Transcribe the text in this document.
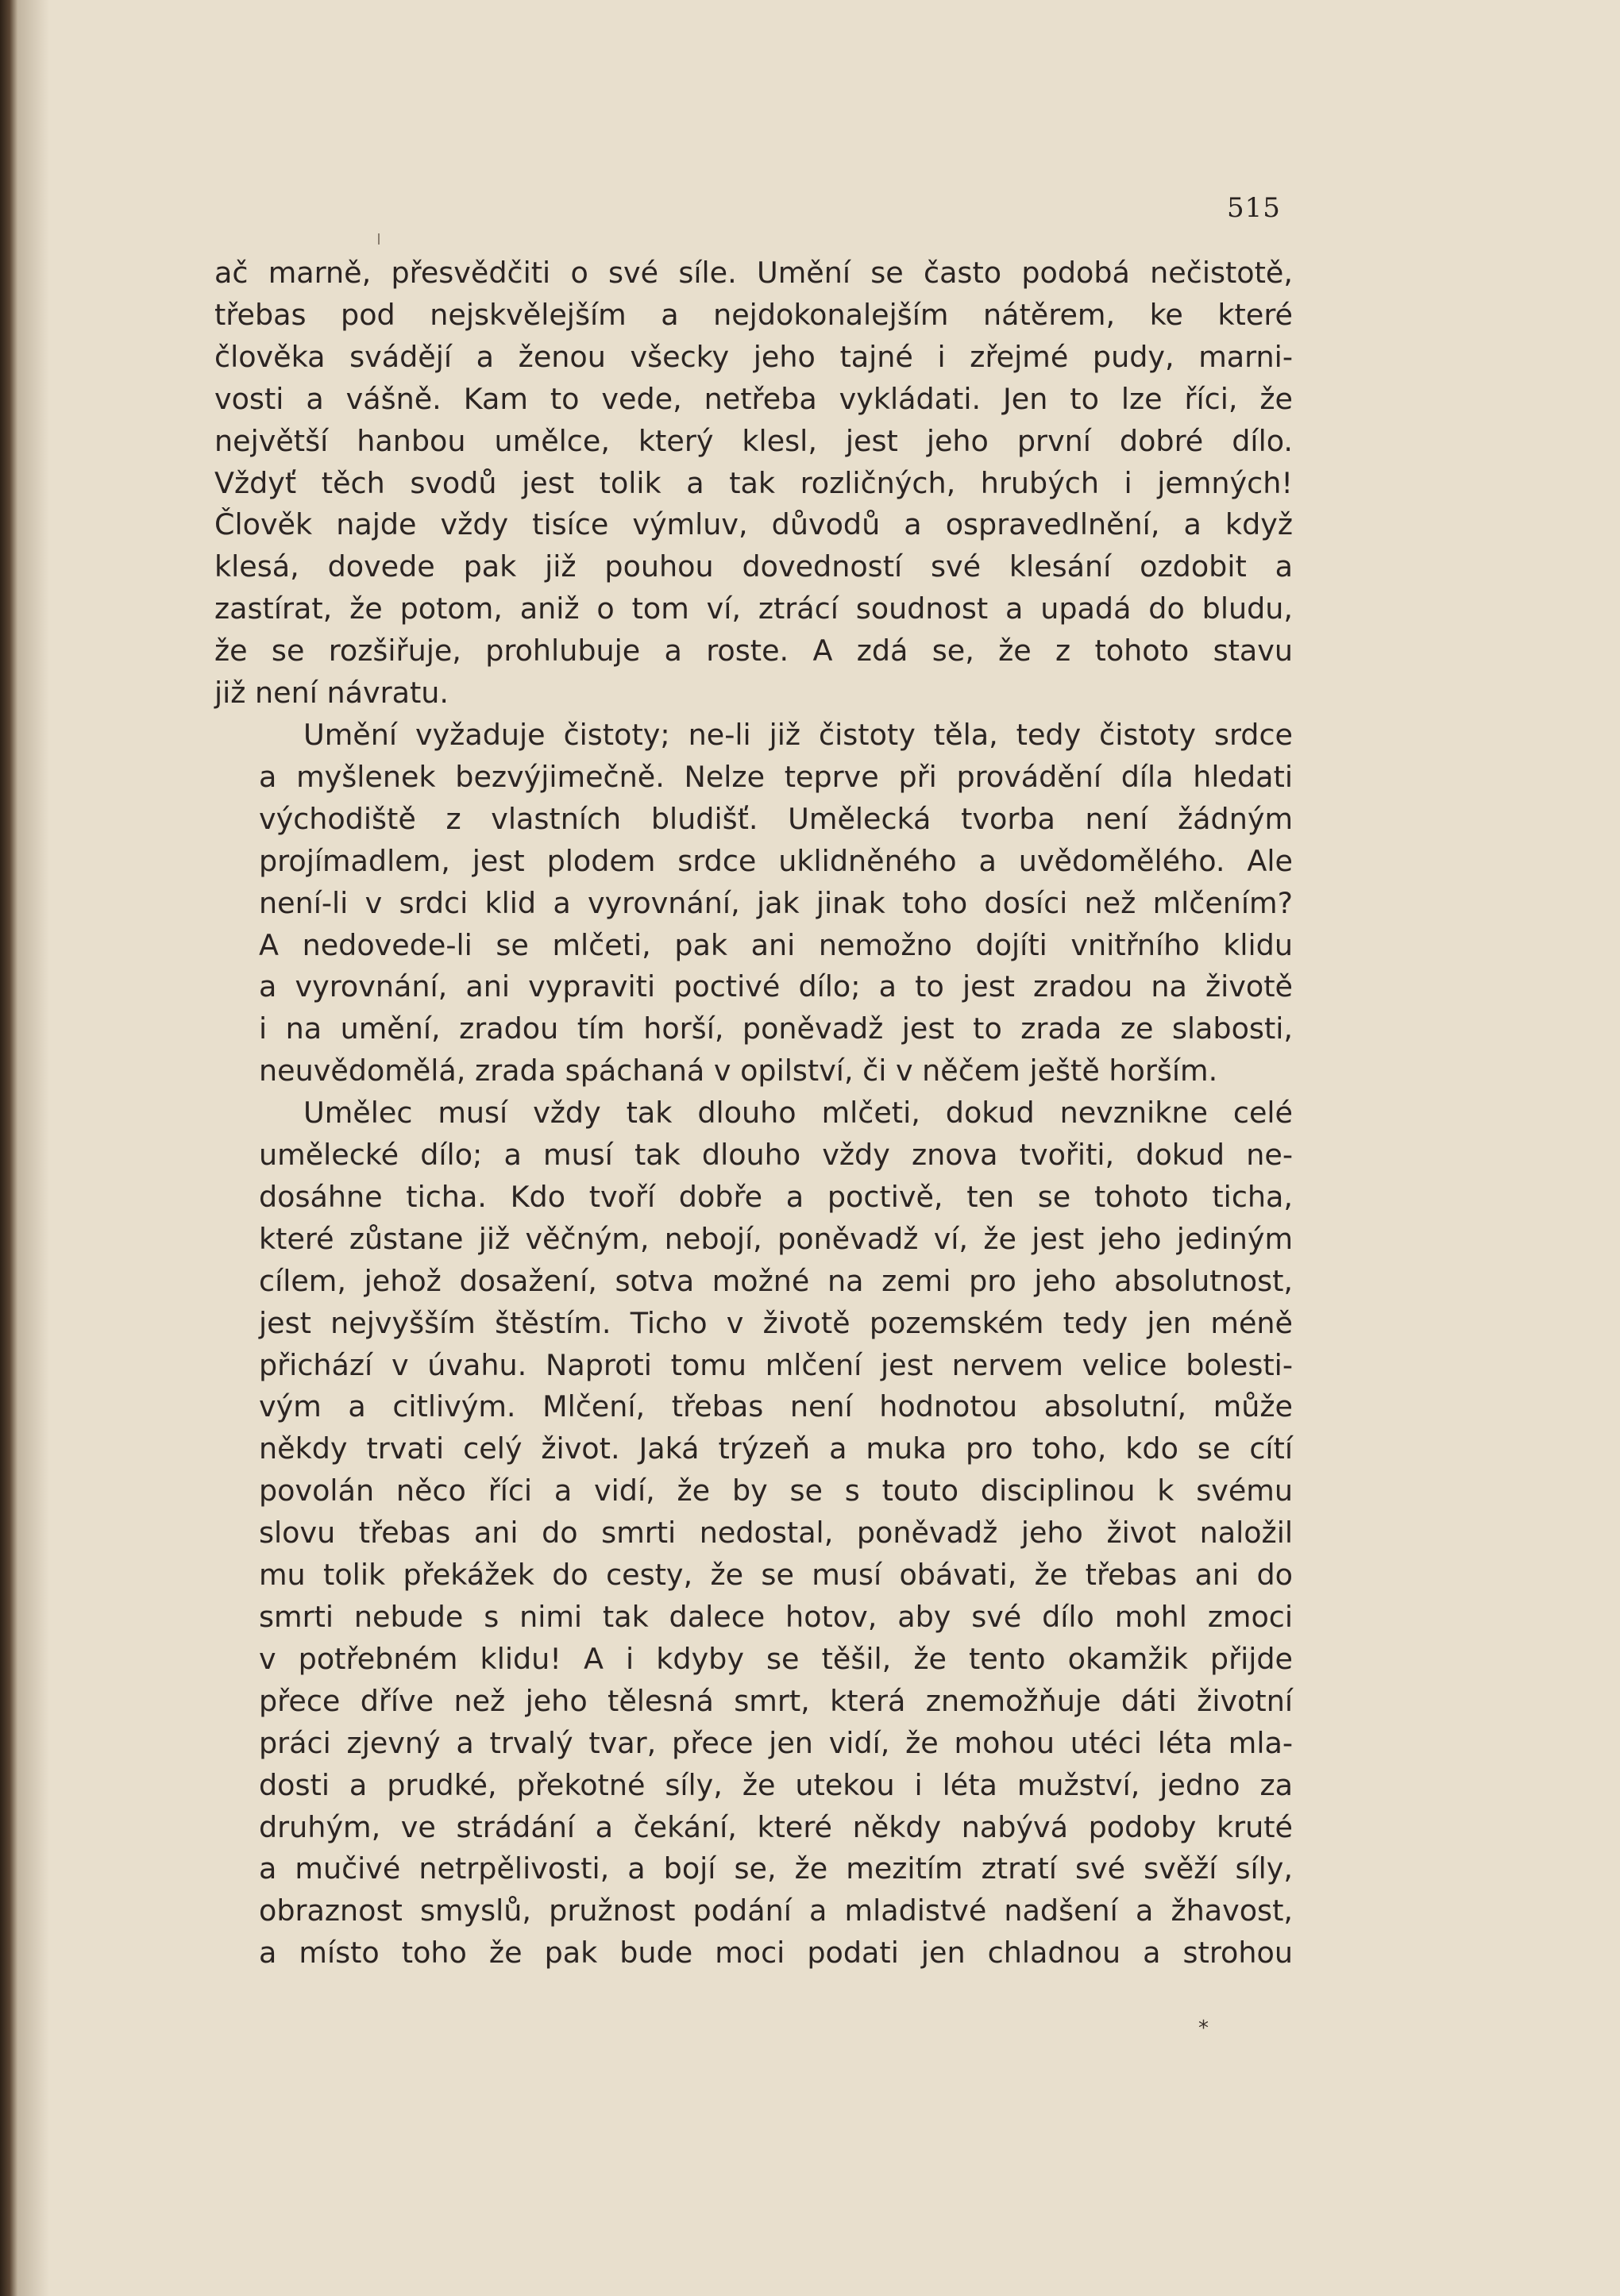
515
ač marně, přesvědčiti o své síle. Umění se často podobá nečistotě,
třebas pod nejskvělejším a nejdokonalejším nátěrem, ke které
člověka svádějí a ženou všecky jeho tajné i zřejmé pudy, marni-
vosti a vášně. Kam to vede, netřeba vykládati. Jen to lze říci, že
největší hanbou umělce, který klesl, jest jeho první dobré dílo.
Vždyť těch svodů jest tolik a tak rozličných, hrubých i jemných!
Člověk najde vždy tisíce výmluv, důvodů a ospravedlnění, a když
klesá, dovede pak již pouhou dovedností své klesání ozdobit a
zastírat, že potom, aniž o tom ví, ztrácí soudnost a upadá do bludu,
že se rozšiřuje, prohlubuje a roste. A zdá se, že z tohoto stavu
již není návratu.
Umění vyžaduje čistoty; ne-li již čistoty těla, tedy čistoty srdce
a myšlenek bezvýjimečně. Nelze teprve při provádění díla hledati
východiště z vlastních bludišť. Umělecká tvorba není žádným
projímadlem, jest plodem srdce uklidněného a uvědomělého. Ale
není-li v srdci klid a vyrovnání, jak jinak toho dosíci než mlčením?
A nedovede-li se mlčeti, pak ani nemožno dojíti vnitřního klidu
a vyrovnání, ani vypraviti poctivé dílo; a to jest zradou na životě
i na umění, zradou tím horší, poněvadž jest to zrada ze slabosti,
neuvědomělá, zrada spáchaná v opilství, či v něčem ještě horším.
Umělec musí vždy tak dlouho mlčeti, dokud nevznikne celé
umělecké dílo; a musí tak dlouho vždy znova tvořiti, dokud ne-
dosáhne ticha. Kdo tvoří dobře a poctivě, ten se tohoto ticha,
které zůstane již věčným, nebojí, poněvadž ví, že jest jeho jediným
cílem, jehož dosažení, sotva možné na zemi pro jeho absolutnost,
jest nejvyšším štěstím. Ticho v životě pozemském tedy jen méně
přichází v úvahu. Naproti tomu mlčení jest nervem velice bolesti-
vým a citlivým. Mlčení, třebas není hodnotou absolutní, může
někdy trvati celý život. Jaká trýzeň a muka pro toho, kdo se cítí
povolán něco říci a vidí, že by se s touto disciplinou k svému
slovu třebas ani do smrti nedostal, poněvadž jeho život naložil
mu tolik překážek do cesty, že se musí obávati, že třebas ani do
smrti nebude s nimi tak dalece hotov, aby své dílo mohl zmoci
v potřebném klidu! A i kdyby se těšil, že tento okamžik přijde
přece dříve než jeho tělesná smrt, která znemožňuje dáti životní
práci zjevný a trvalý tvar, přece jen vidí, že mohou utéci léta mla-
dosti a prudké, překotné síly, že utekou i léta mužství, jedno za
druhým, ve strádání a čekání, které někdy nabývá podoby kruté
a mučivé netrpělivosti, a bojí se, že mezitím ztratí své svěží síly,
obraznost smyslů, pružnost podání a mladistvé nadšení a žhavost,
a místo toho že pak bude moci podati jen chladnou a strohou
*
